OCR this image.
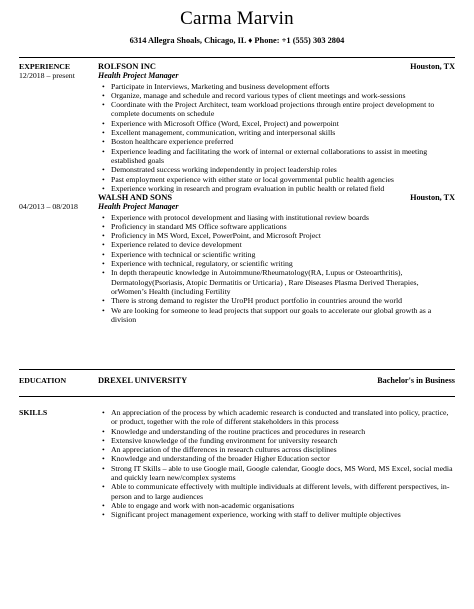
Carma Marvin
6314 Allegra Shoals, Chicago, IL ♦ Phone: +1 (555) 303 2804
EXPERIENCE
12/2018 – present
ROLFSON INC	Houston, TX
Health Project Manager
• Participate in Interviews, Marketing and business development efforts
• Organize, manage and schedule and record various types of client meetings and work-sessions
• Coordinate with the Project Architect, team workload projections through entire project development to complete documents on schedule
• Experience with Microsoft Office (Word, Excel, Project) and powerpoint
• Excellent management, communication, writing and interpersonal skills
• Boston healthcare experience preferred
• Experience leading and facilitating the work of internal or external collaborations to assist in meeting established goals
• Demonstrated success working independently in project leadership roles
• Past employment experience with either state or local governmental public health agencies
• Experience working in research and program evaluation in public health or related field
04/2013 – 08/2018
WALSH AND SONS	Houston, TX
Health Project Manager
• Experience with protocol development and liasing with institutional review boards
• Proficiency in standard MS Office software applications
• Proficiency in MS Word, Excel, PowerPoint, and Microsoft Project
• Experience related to device development
• Experience with technical or scientific writing
• Experience with technical, regulatory, or scientific writing
• In depth therapeutic knowledge in Autoimmune/Rheumatology(RA, Lupus or Osteoarthritis), Dermatology(Psoriasis, Atopic Dermatitis or Urticaria) , Rare Diseases Plasma Derived Therapies, orWomen’s Health (including Fertility
• There is strong demand to register the UroPH product portfolio in countries around the world
• We are looking for someone to lead projects that support our goals to accelerate our global growth as a division
EDUCATION	DREXEL UNIVERSITY	Bachelor's in Business
SKILLS
•	An appreciation of the process by which academic research is conducted and translated into policy, practice, or product, together with the role of different stakeholders in this process
• Knowledge and understanding of the routine practices and procedures in research
• Extensive knowledge of the funding environment for university research
• An appreciation of the differences in research cultures across disciplines
• Knowledge and understanding of the broader Higher Education sector
• Strong IT Skills – able to use Google mail, Google calendar, Google docs, MS Word, MS Excel, social media and quickly learn new/complex systems
• Able to communicate effectively with multiple individuals at different levels, with different perspectives, in-person and to large audiences
• Able to engage and work with non-academic organisations
• Significant project management experience, working with staff to deliver multiple objectives
